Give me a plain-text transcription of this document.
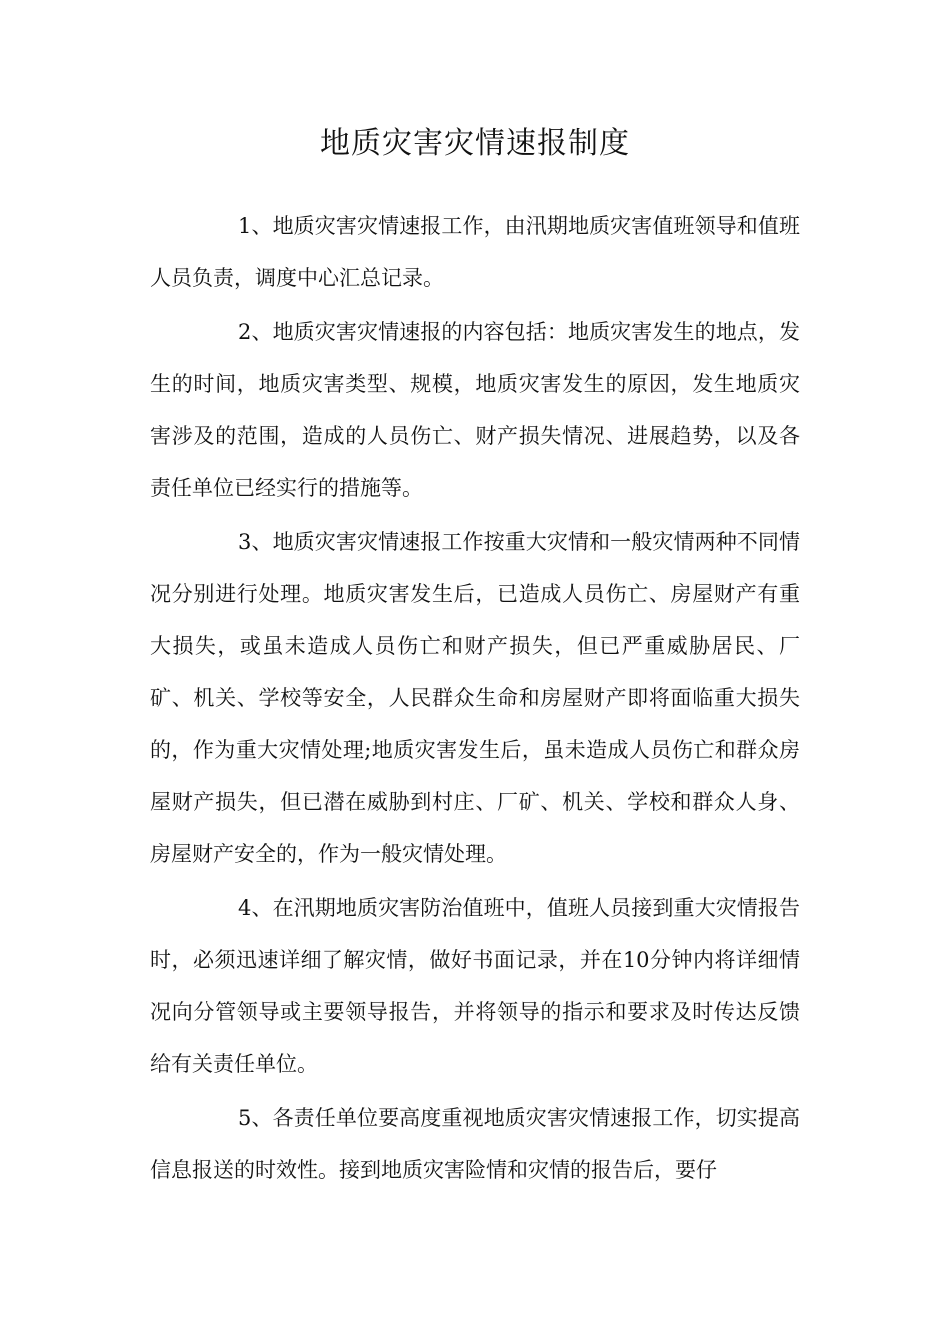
地质灾害灾情速报制度

1、地质灾害灾情速报工作，由汛期地质灾害值班领导和值班人员负责，调度中心汇总记录。

2、地质灾害灾情速报的内容包括：地质灾害发生的地点，发生的时间，地质灾害类型、规模，地质灾害发生的原因，发生地质灾害涉及的范围，造成的人员伤亡、财产损失情况、进展趋势，以及各责任单位已经实行的措施等。

3、地质灾害灾情速报工作按重大灾情和一般灾情两种不同情况分别进行处理。地质灾害发生后，已造成人员伤亡、房屋财产有重大损失，或虽未造成人员伤亡和财产损失，但已严重威胁居民、厂矿、机关、学校等安全，人民群众生命和房屋财产即将面临重大损失的，作为重大灾情处理;地质灾害发生后，虽未造成人员伤亡和群众房屋财产损失，但已潜在威胁到村庄、厂矿、机关、学校和群众人身、房屋财产安全的，作为一般灾情处理。

4、在汛期地质灾害防治值班中，值班人员接到重大灾情报告时，必须迅速详细了解灾情，做好书面记录，并在10分钟内将详细情况向分管领导或主要领导报告，并将领导的指示和要求及时传达反馈给有关责任单位。

5、各责任单位要高度重视地质灾害灾情速报工作，切实提高信息报送的时效性。接到地质灾害险情和灾情的报告后，要仔
